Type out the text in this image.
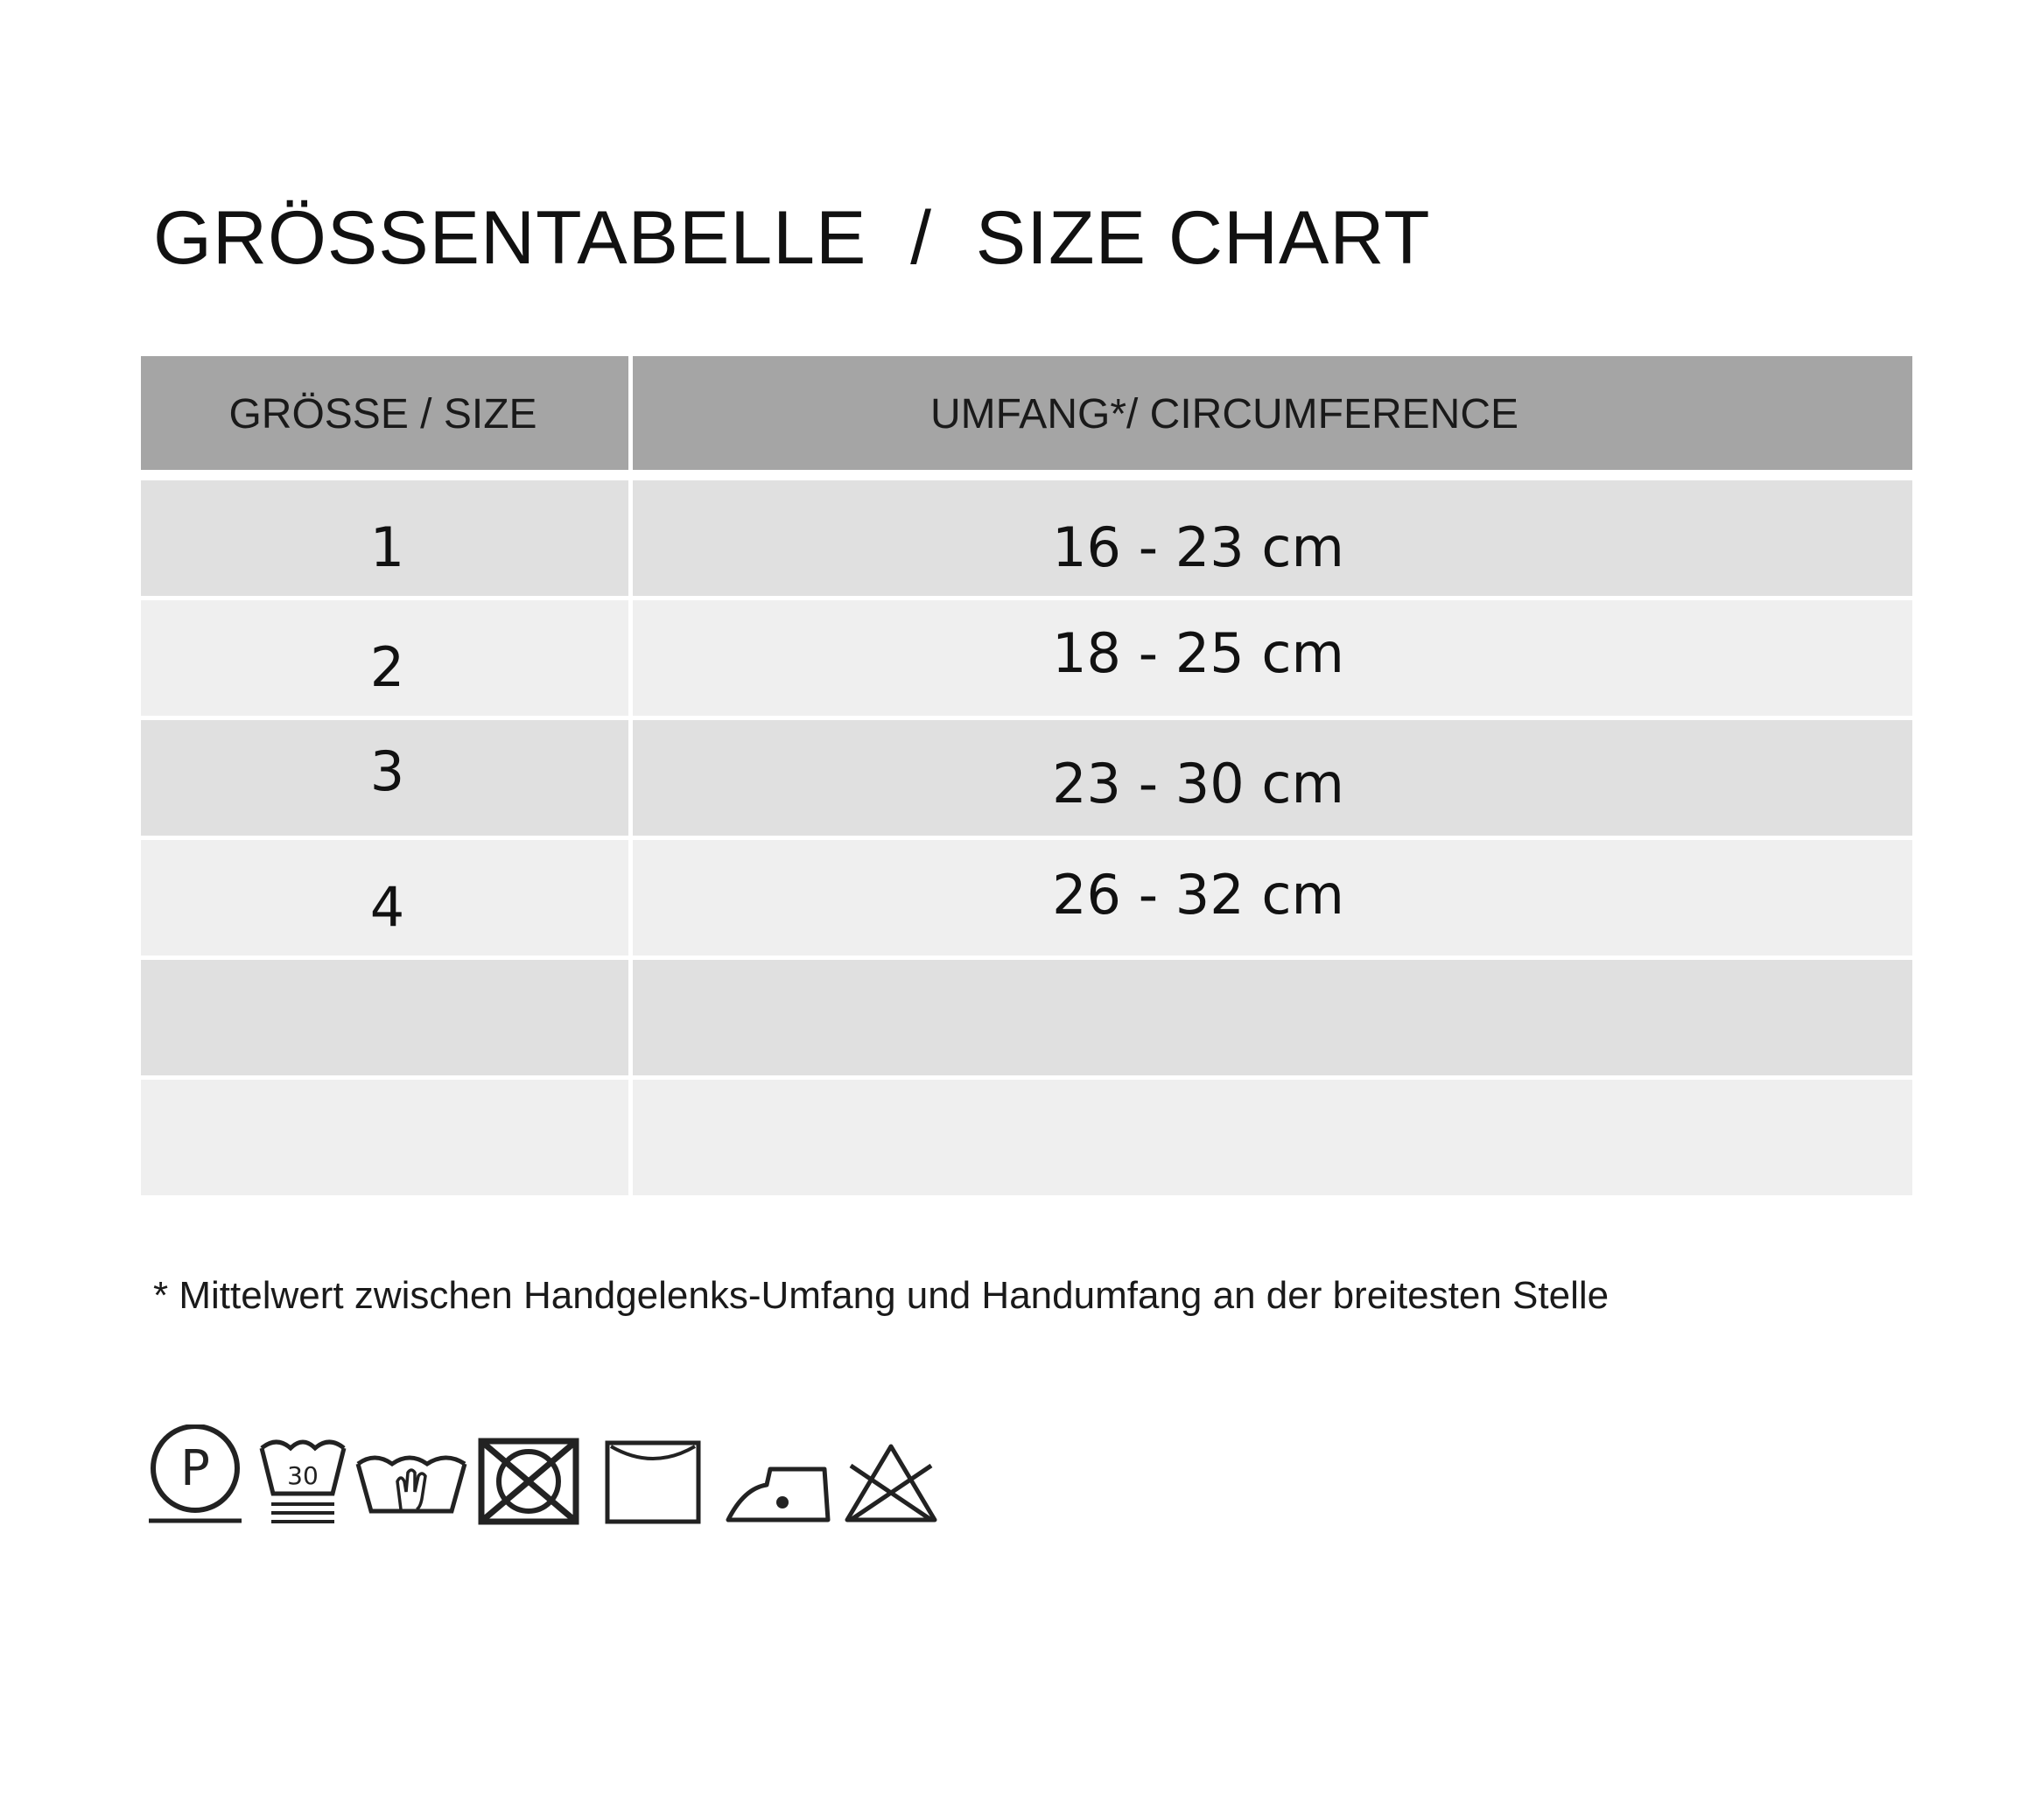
GRÖSSENTABELLE  /  SIZE CHART
GRÖSSE / SIZE	UMFANG*/ CIRCUMFERENCE
1	16 - 23 cm
2	18 - 25 cm
3	23 - 30 cm
4	26 - 32 cm
* Mittelwert zwischen Handgelenks-Umfang und Handumfang an der breitesten Stelle
P	30
